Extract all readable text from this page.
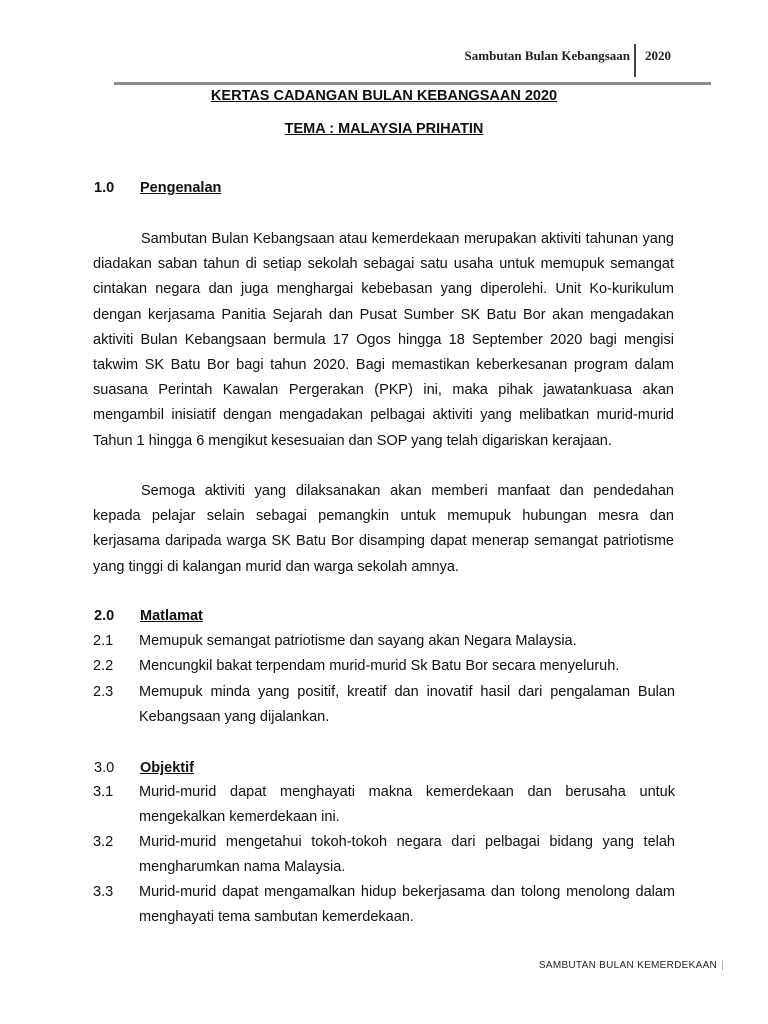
Sambutan Bulan Kebangsaan 2020
KERTAS CADANGAN BULAN KEBANGSAAN 2020
TEMA : MALAYSIA PRIHATIN
1.0 Pengenalan
Sambutan Bulan Kebangsaan atau kemerdekaan merupakan aktiviti tahunan yang diadakan saban tahun di setiap sekolah sebagai satu usaha untuk memupuk semangat cintakan negara dan juga menghargai kebebasan yang diperolehi. Unit Ko-kurikulum dengan kerjasama Panitia Sejarah dan Pusat Sumber SK Batu Bor akan mengadakan aktiviti Bulan Kebangsaan bermula 17 Ogos hingga 18 September 2020 bagi mengisi takwim SK Batu Bor bagi tahun 2020. Bagi memastikan keberkesanan program dalam suasana Perintah Kawalan Pergerakan (PKP) ini, maka pihak jawatankuasa akan mengambil inisiatif dengan mengadakan pelbagai aktiviti yang melibatkan murid-murid Tahun 1 hingga 6 mengikut kesesuaian dan SOP yang telah digariskan kerajaan.
Semoga aktiviti yang dilaksanakan akan memberi manfaat dan pendedahan kepada pelajar selain sebagai pemangkin untuk memupuk hubungan mesra dan kerjasama daripada warga SK Batu Bor disamping dapat menerap semangat patriotisme yang tinggi di kalangan murid dan warga sekolah amnya.
2.0 Matlamat
2.1 Memupuk semangat patriotisme dan sayang akan Negara Malaysia.
2.2 Mencungkil bakat terpendam murid-murid Sk Batu Bor secara menyeluruh.
2.3 Memupuk minda yang positif, kreatif dan inovatif hasil dari pengalaman Bulan Kebangsaan yang dijalankan.
3.0 Objektif
3.1 Murid-murid dapat menghayati makna kemerdekaan dan berusaha untuk mengekalkan kemerdekaan ini.
3.2 Murid-murid mengetahui tokoh-tokoh negara dari pelbagai bidang yang telah mengharumkan nama Malaysia.
3.3 Murid-murid dapat mengamalkan hidup bekerjasama dan tolong menolong dalam menghayati tema sambutan kemerdekaan.
SAMBUTAN BULAN KEMERDEKAAN |
